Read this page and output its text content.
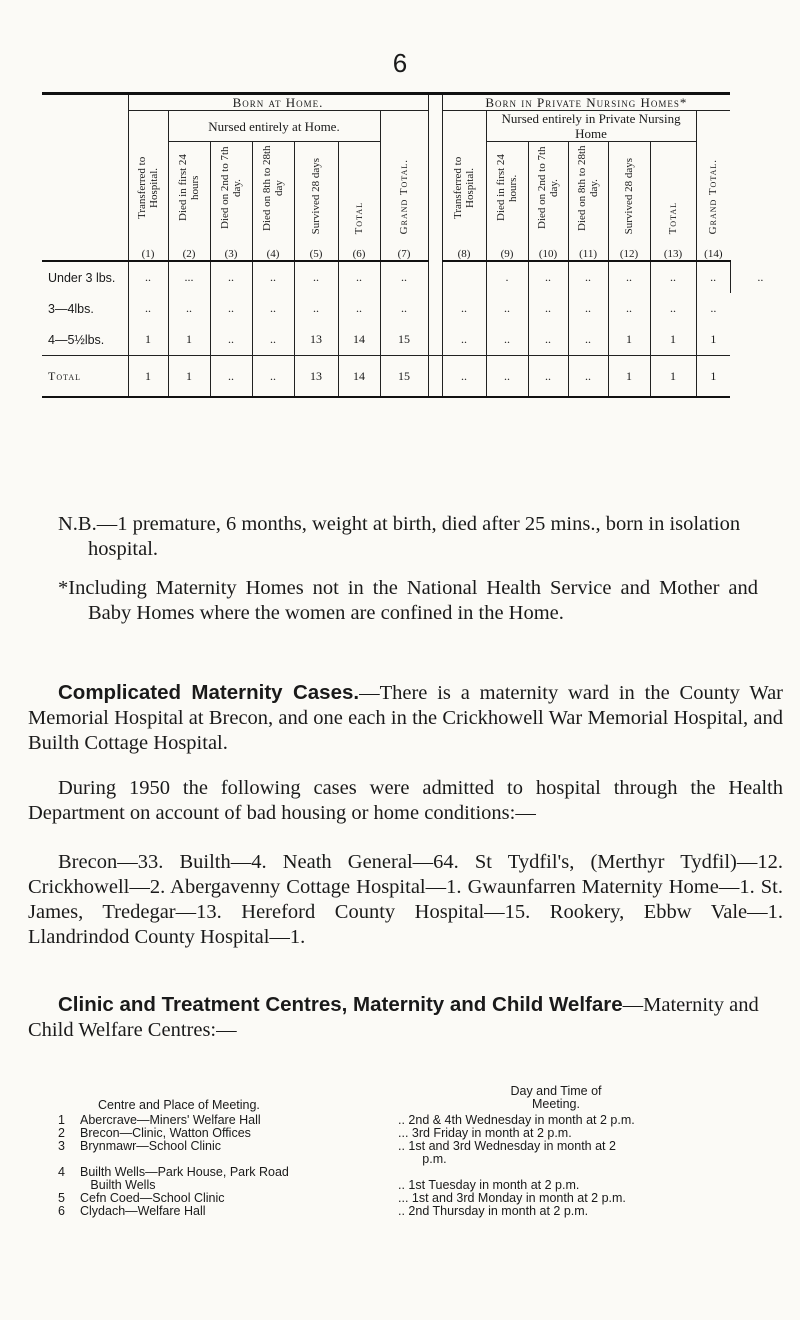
6
	Born at Home.								Born in Private Nursing Homes*							
		Nursed entirely at Home.								Nursed entirely in Private Nursing Home						
	Transferred to Hospital.	Died in first 24 hours	Died on 2nd to 7th day.	Died on 8th to 28th day	Survived 28 days	Total	Grand Total.		Transferred to Hospital.	Died in first 24 hours.	Died on 2nd to 7th day.	Died on 8th to 28th day.	Survived 28 days	Total	Grand Total.	
	(1)	(2)	(3)	(4)	(5)	(6)	(7)		(8)	(9)	(10)	(11)	(12)	(13)	(14)	
Under 3 lbs.	..	...	..	..	..	..	..			.	..	..	..	..	..	..
3—4lbs.	..	..	..	..	..	..	..		..	..	..	..	..	..	..	
4—5½lbs.	1	1	..	..	13	14	15		..	..	..	..	1	1	1	
Total	1	1	..	..	13	14	15		..	..	..	..	1	1	1	
N.B.—1 premature, 6 months, weight at birth, died after 25 mins., born in isolation hospital.
*Including Maternity Homes not in the National Health Service and Mother and Baby Homes where the women are confined in the Home.
Complicated Maternity Cases.—There is a maternity ward in the County War Memorial Hospital at Brecon, and one each in the Crickhowell War Memorial Hospital, and Builth Cottage Hospital.
During 1950 the following cases were admitted to hospital through the Health Department on account of bad housing or home conditions:—
Brecon—33. Builth—4. Neath General—64. St Tydfil's, (Merthyr Tydfil)—12. Crickhowell—2. Abergavenny Cottage Hospital—1. Gwaunfarren Maternity Home—1. St. James, Tredegar—13. Hereford County Hospital—15. Rookery, Ebbw Vale—1. Llandrindod County Hospital—1.
Clinic and Treatment Centres, Maternity and Child Welfare—Maternity and Child Welfare Centres:—
Centre and Place of Meeting.
Day and Time of Meeting.
1	Abercrave—Miners' Welfare Hall	.. 2nd & 4th Wednesday in month at 2 p.m.
2	Brecon—Clinic, Watton Offices	... 3rd Friday in month at 2 p.m.
3	Brynmawr—School Clinic	.. 1st and 3rd Wednesday in month at 2
p.m.
4	Builth Wells—Park House, Park Road
Builth Wells	.. 1st Tuesday in month at 2 p.m.
5	Cefn Coed—School Clinic	... 1st and 3rd Monday in month at 2 p.m.
6	Clydach—Welfare Hall	.. 2nd Thursday in month at 2 p.m.
